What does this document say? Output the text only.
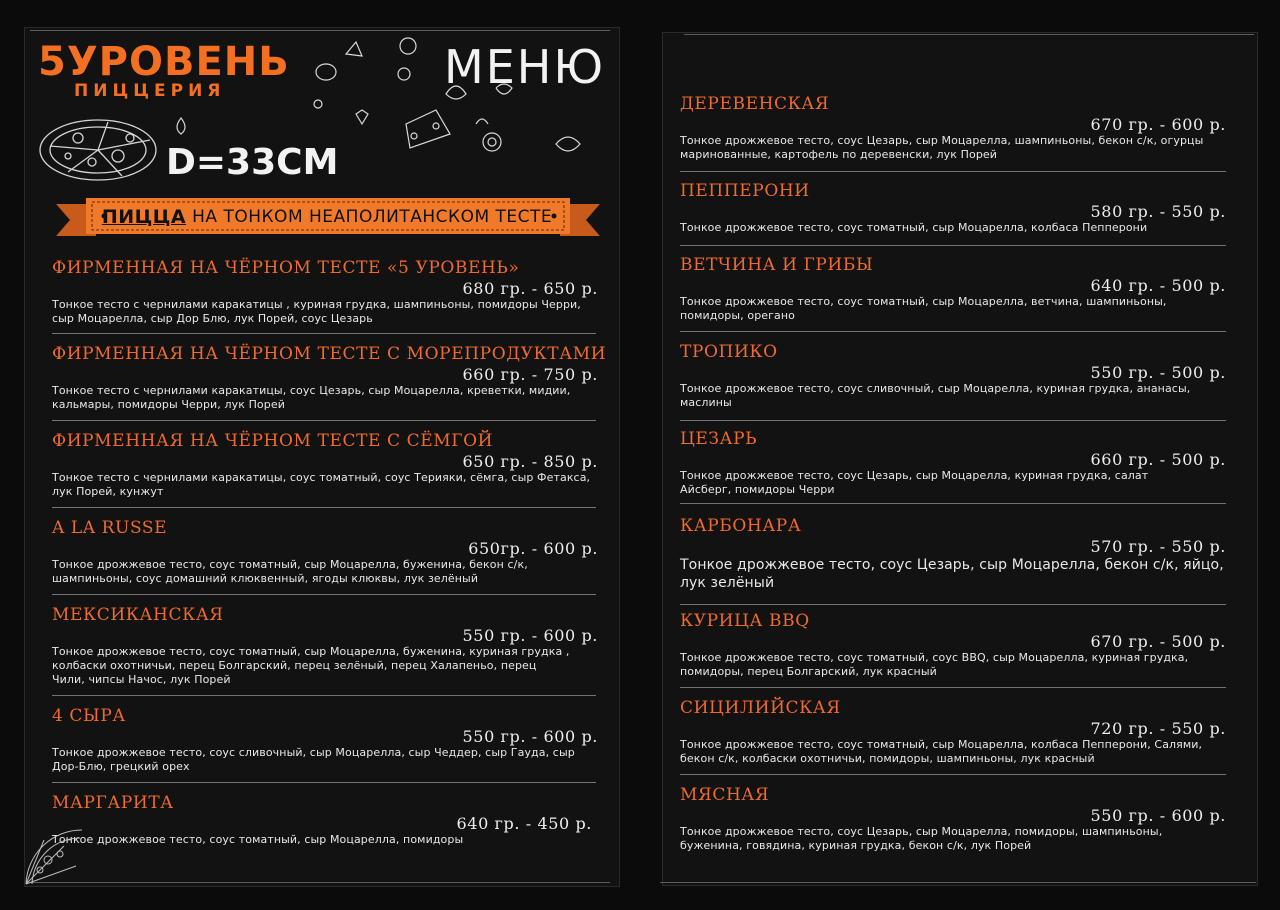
5УРОВЕНЬ
ПИЦЦЕРИЯ	МЕНЮ
D=33CM
ПИЦЦА НА ТОНКОМ НЕАПОЛИТАНСКОМ ТЕСТЕ
ФИРМЕННАЯ НА ЧЁРНОМ ТЕСТЕ «5 УРОВЕНЬ»
680 гр. - 650 р.
Тонкое тесто с чернилами каракатицы , куриная грудка, шампиньоны, помидоры Черри, сыр Моцарелла, сыр Дор Блю, лук Порей, соус Цезарь
ФИРМЕННАЯ НА ЧЁРНОМ ТЕСТЕ С МОРЕПРОДУКТАМИ
660 гр. - 750 р.
Тонкое тесто с чернилами каракатицы, соус Цезарь, сыр Моцарелла, креветки, мидии, кальмары, помидоры Черри, лук Порей
ФИРМЕННАЯ НА ЧЁРНОМ ТЕСТЕ С СЁМГОЙ
650 гр. - 850 р.
Тонкое тесто с чернилами каракатицы, соус томатный, соус Терияки, сёмга, сыр Фетакса, лук Порей, кунжут
A LA RUSSE
650гр. - 600 р.
Тонкое дрожжевое тесто, соус томатный, сыр Моцарелла, буженина, бекон с/к, шампиньоны, соус домашний клюквенный, ягоды клюквы, лук зелёный
МЕКСИКАНСКАЯ
550 гр. - 600 р.
Тонкое дрожжевое тесто, соус томатный, сыр Моцарелла, буженина, куриная грудка , колбаски охотничьи, перец Болгарский, перец зелёный, перец Халапеньо, перец Чили, чипсы Начос, лук Порей
4 СЫРА
550 гр. - 600 р.
Тонкое дрожжевое тесто, соус сливочный, сыр Моцарелла, сыр Чеддер, сыр Гауда, сыр Дор-Блю, грецкий орех
МАРГАРИТА
640 гр. - 450 р.
Тонкое дрожжевое тесто, соус томатный, сыр Моцарелла, помидоры
ДЕРЕВЕНСКАЯ
670 гр. - 600 р.
Тонкое дрожжевое тесто, соус Цезарь, сыр Моцарелла, шампиньоны, бекон с/к, огурцы маринованные, картофель по деревенски, лук Порей
ПЕППЕРОНИ
580 гр. - 550 р.
Тонкое дрожжевое тесто, соус томатный, сыр Моцарелла, колбаса Пепперони
ВЕТЧИНА И ГРИБЫ
640 гр. - 500 р.
Тонкое дрожжевое тесто, соус томатный, сыр Моцарелла, ветчина, шампиньоны, помидоры, орегано
ТРОПИКО
550 гр. - 500 р.
Тонкое дрожжевое тесто, соус сливочный, сыр Моцарелла, куриная грудка, ананасы, маслины
ЦЕЗАРЬ
660 гр. - 500 р.
Тонкое дрожжевое тесто, соус Цезарь, сыр Моцарелла, куриная грудка, салат Айсберг, помидоры Черри
КАРБОНАРА
570 гр. - 550 р.
Тонкое дрожжевое тесто, соус Цезарь, сыр Моцарелла, бекон с/к, яйцо, лук зелёный
КУРИЦА BBQ
670 гр. - 500 р.
Тонкое дрожжевое тесто, соус томатный, соус BBQ, сыр Моцарелла, куриная грудка, помидоры, перец Болгарский, лук красный
СИЦИЛИЙСКАЯ
720 гр. - 550 р.
Тонкое дрожжевое тесто, соус томатный, сыр Моцарелла, колбаса Пепперони, Салями, бекон с/к, колбаски охотничьи, помидоры, шампиньоны, лук красный
МЯСНАЯ
550 гр. - 600 р.
Тонкое дрожжевое тесто, соус Цезарь, сыр Моцарелла, помидоры, шампиньоны, буженина, говядина, куриная грудка, бекон с/к, лук Порей
